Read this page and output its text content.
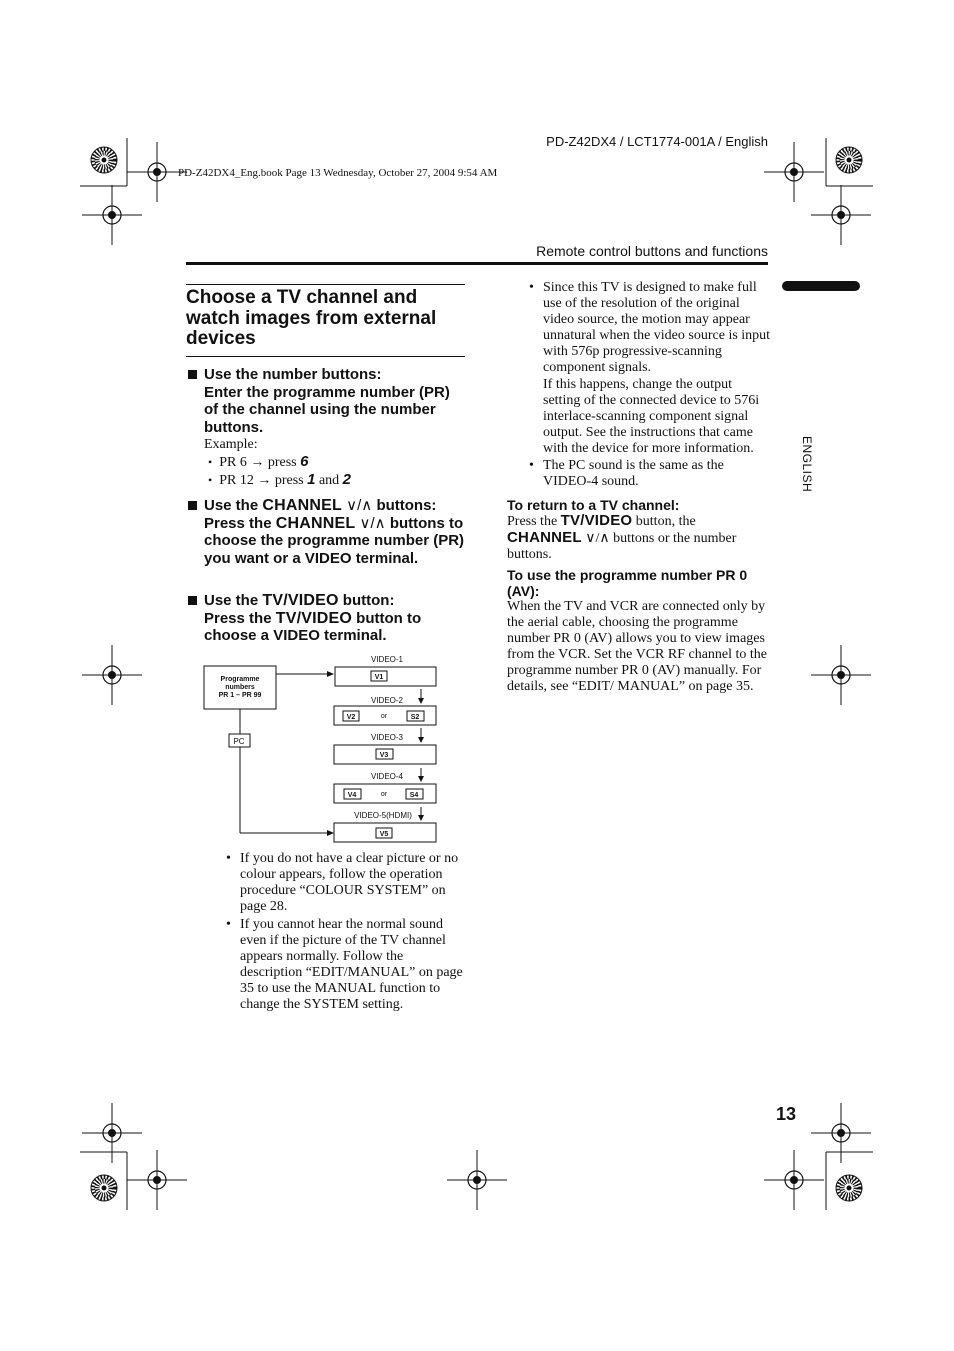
PD-Z42DX4 / LCT1774-001A / English
PD-Z42DX4_Eng.book Page 13 Wednesday, October 27, 2004 9:54 AM
Remote control buttons and functions
ENGLISH
Choose a TV channel and watch images from external devices
Use the number buttons:
Enter the programme number (PR) of the channel using the number buttons.
Example:
• PR 6 → press 6
• PR 12 → press 1 and 2
Use the CHANNEL ∨/∧ buttons:
Press the CHANNEL ∨/∧ buttons to choose the programme number (PR) you want or a VIDEO terminal.
Use the TV/VIDEO button:
Press the TV/VIDEO button to choose a VIDEO terminal.
Programme
numbers
PR 1 – PR 99
PC
VIDEO-1
VIDEO-2
VIDEO-3
VIDEO-4
VIDEO-5(HDMI)
or
or
V1
V2	S2
V3
V4	S4
V5
• If you do not have a clear picture or no colour appears, follow the operation procedure “COLOUR SYSTEM” on page 28.
• If you cannot hear the normal sound even if the picture of the TV channel appears normally. Follow the description “EDIT/MANUAL” on page 35 to use the MANUAL function to change the SYSTEM setting.
• Since this TV is designed to make full use of the resolution of the original video source, the motion may appear unnatural when the video source is input with 576p progressive-scanning component signals.
If this happens, change the output setting of the connected device to 576i interlace-scanning component signal output. See the instructions that came with the device for more information.
• The PC sound is the same as the VIDEO-4 sound.
To return to a TV channel:
Press the TV/VIDEO button, the
CHANNEL ∨/∧ buttons or the number buttons.
To use the programme number PR 0 (AV):
When the TV and VCR are connected only by the aerial cable, choosing the programme number PR 0 (AV) allows you to view images from the VCR. Set the VCR RF channel to the programme number PR 0 (AV) manually. For details, see “EDIT/ MANUAL” on page 35.
13
